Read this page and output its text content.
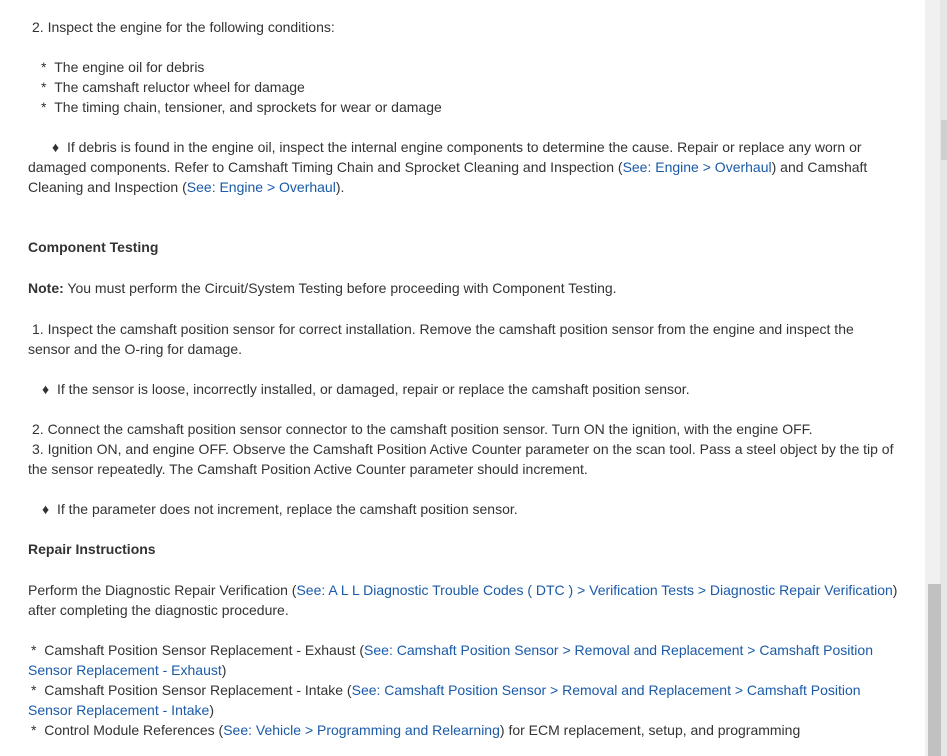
2. Inspect the engine for the following conditions:
* The engine oil for debris
* The camshaft reluctor wheel for damage
* The timing chain, tensioner, and sprockets for wear or damage
♦ If debris is found in the engine oil, inspect the internal engine components to determine the cause. Repair or replace any worn or
damaged components. Refer to Camshaft Timing Chain and Sprocket Cleaning and Inspection (See: Engine > Overhaul) and Camshaft
Cleaning and Inspection (See: Engine > Overhaul).
Component Testing
Note: You must perform the Circuit/System Testing before proceeding with Component Testing.
1. Inspect the camshaft position sensor for correct installation. Remove the camshaft position sensor from the engine and inspect the
sensor and the O-ring for damage.
♦ If the sensor is loose, incorrectly installed, or damaged, repair or replace the camshaft position sensor.
2. Connect the camshaft position sensor connector to the camshaft position sensor. Turn ON the ignition, with the engine OFF.
3. Ignition ON, and engine OFF. Observe the Camshaft Position Active Counter parameter on the scan tool. Pass a steel object by the tip of
the sensor repeatedly. The Camshaft Position Active Counter parameter should increment.
♦ If the parameter does not increment, replace the camshaft position sensor.
Repair Instructions
Perform the Diagnostic Repair Verification (See: A L L Diagnostic Trouble Codes ( DTC ) > Verification Tests > Diagnostic Repair Verification)
after completing the diagnostic procedure.
* Camshaft Position Sensor Replacement - Exhaust (See: Camshaft Position Sensor > Removal and Replacement > Camshaft Position
Sensor Replacement - Exhaust)
* Camshaft Position Sensor Replacement - Intake (See: Camshaft Position Sensor > Removal and Replacement > Camshaft Position
Sensor Replacement - Intake)
* Control Module References (See: Vehicle > Programming and Relearning) for ECM replacement, setup, and programming
